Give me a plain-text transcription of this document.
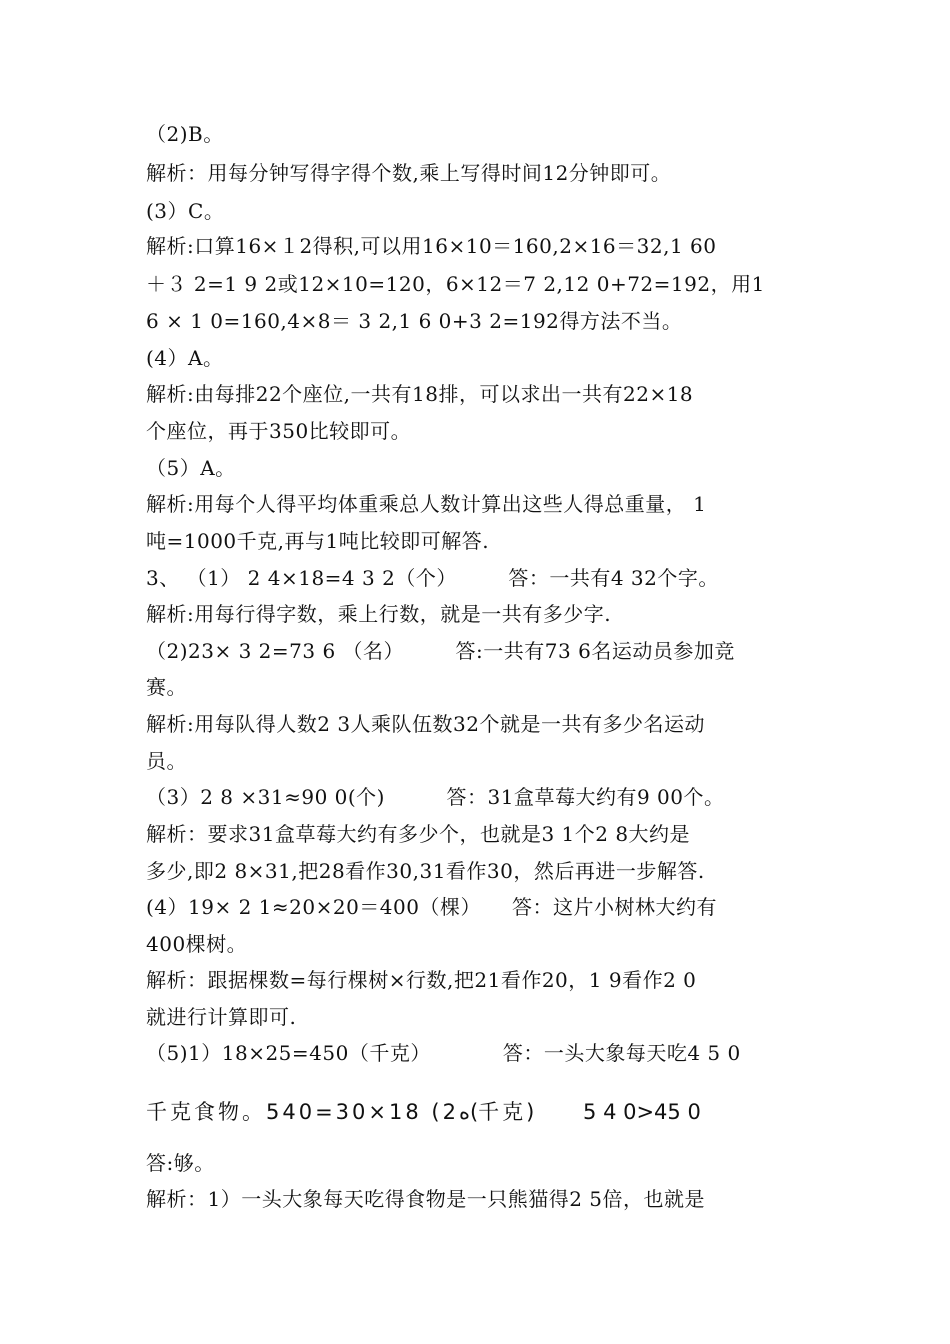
（2)B。
解析：用每分钟写得字得个数,乘上写得时间12分钟即可。
(3）C。
解析:口算16×１2得积,可以用16×10＝160,2×16＝32,1 60
＋３ 2=1 9 2或12×10=120，6×12＝7 2,12 0+72=192，用1
6 × 1 0=160,4×8＝ 3 2,1 6 0+3 2=192得方法不当。
(4）A。
解析:由每排22个座位,一共有18排，可以求出一共有22×18
个座位，再于350比较即可。
（5）A。
解析:用每个人得平均体重乘总人数计算出这些人得总重量， 1
吨=1000千克,再与1吨比较即可解答.
3、 （1） 2 4×18=4 3 2（个）　　　答：一共有4 32个字。
解析:用每行得字数，乘上行数，就是一共有多少字.
（2)23× 3 2=73 6 （名）　　　答:一共有73 6名运动员参加竞
赛。
解析:用每队得人数2 3人乘队伍数32个就是一共有多少名运动
员。
（3）2 8 ×31≈90 0(个)　　　答：31盒草莓大约有9 00个。
解析：要求31盒草莓大约有多少个，也就是3 1个2 8大约是
多少,即2 8×31,把28看作30,31看作30，然后再进一步解答.
(4）19× 2 1≈20×20＝400（棵）　　答：这片小树林大约有
400棵树。
解析：跟据棵数=每行棵树×行数,把21看作20，1 9看作2 0
就进行计算即可.
（5)1）18×25=450（千克）　　　　答：一头大象每天吃4 5 0
千克食物。540=30×18 (2ه(千克)　　 5 4 0>45 0
答:够。
解析：1）一头大象每天吃得食物是一只熊猫得2 5倍，也就是
